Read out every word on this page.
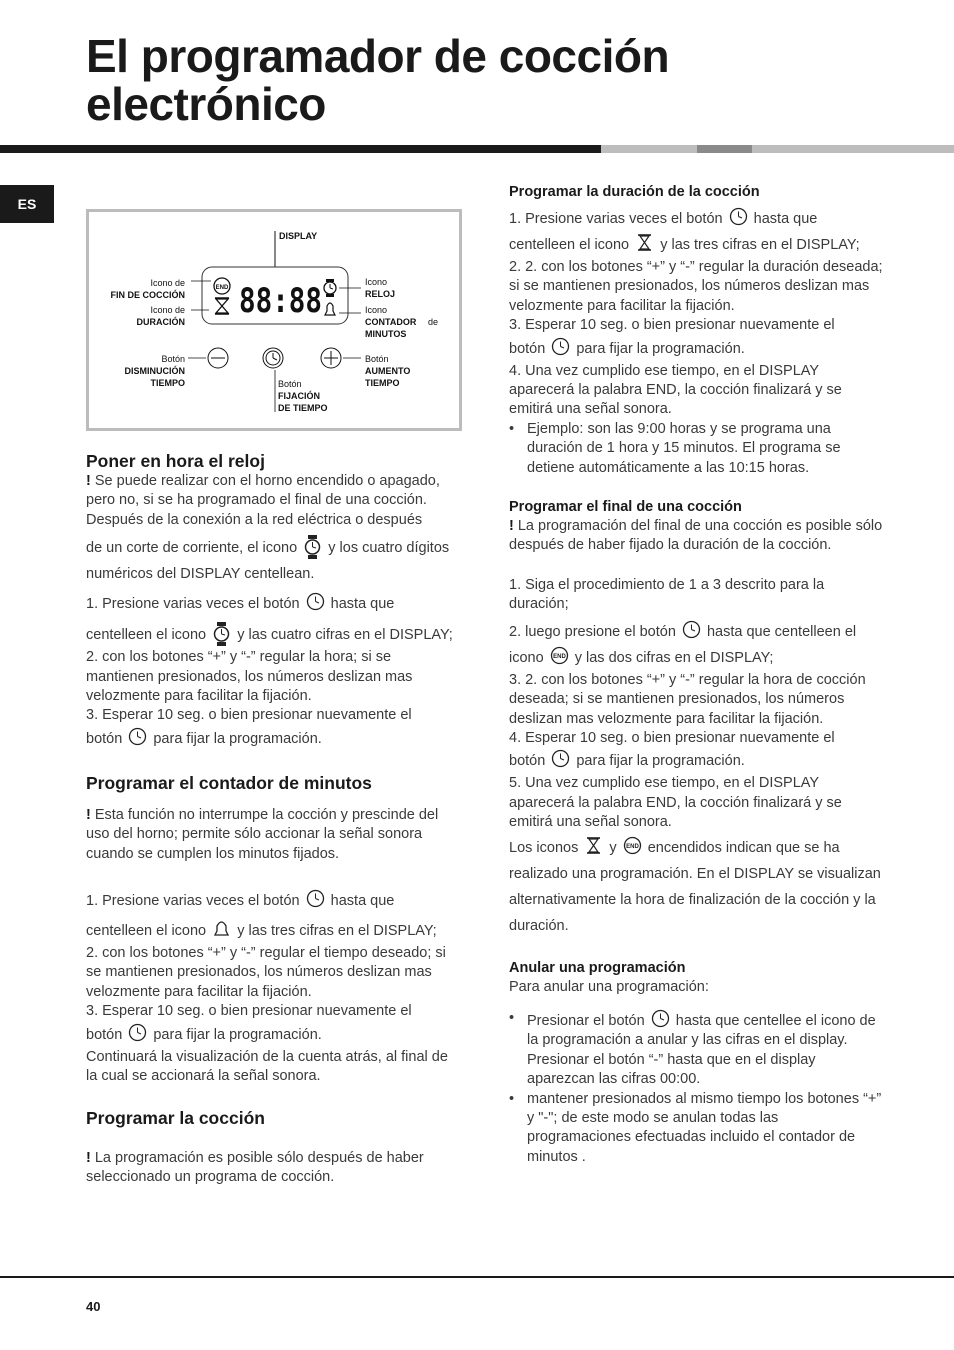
El programador de cocción
electrónico
ES
DISPLAY
END 88:88
Icono de
FIN DE COCCIÓN
Icono de
DURACIÓN
Icono
RELOJ
Icono
CONTADOR de
MINUTOS
Botón
DISMINUCIÓN
TIEMPO	Botón
FIJACIÓN
DE TIEMPO
Botón
AUMENTO
TIEMPO
Poner en hora el reloj

! Se puede realizar con el horno encendido o apagado, pero no, si se ha programado el final de una cocción.

Después de la conexión a la red eléctrica o después

de un corte de corriente, el icono y los cuatro dígitos numéricos del DISPLAY centellean.

1. Presione varias veces el botón hasta que

centelleen el icono y las cuatro cifras en el DISPLAY;

2. con los botones “+” y “-” regular la hora; si se mantienen presionados, los números deslizan mas velozmente para facilitar la fijación.

3. Esperar 10 seg. o bien presionar nuevamente el

botón para fijar la programación.

Programar el contador de minutos

! Esta función no interrumpe la cocción y prescinde del uso del horno; permite sólo accionar la señal sonora cuando se cumplen los minutos fijados.

1. Presione varias veces el botón hasta que

centelleen el icono y las tres cifras en el DISPLAY;

2. con los botones “+” y “-” regular el tiempo deseado; si se mantienen presionados, los números deslizan mas velozmente para facilitar la fijación.

3. Esperar 10 seg. o bien presionar nuevamente el

botón para fijar la programación.

Continuará la visualización de la cuenta atrás, al final de la cual se accionará la señal sonora.

Programar la cocción

! La programación es posible sólo después de haber seleccionado un programa de cocción.

Programar la duración de la cocción

1. Presione varias veces el botón hasta que centelleen el icono y las tres cifras en el DISPLAY;

2. 2. con los botones “+” y “-” regular la duración deseada; si se mantienen presionados, los números deslizan mas velozmente para facilitar la fijación.

3. Esperar 10 seg. o bien presionar nuevamente el

botón para fijar la programación.

4. Una vez cumplido ese tiempo, en el DISPLAY aparecerá la palabra END, la cocción finalizará y se emitirá una señal sonora.

• Ejemplo: son las 9:00 horas y se programa una duración de 1 hora y 15 minutos. El programa se detiene automáticamente a las 10:15 horas.
Programar el final de una cocción

! La programación del final de una cocción es posible sólo después de haber fijado la duración de la cocción.

1. Siga el procedimiento de 1 a 3 descrito para la duración;

2. luego presione el botón hasta que centelleen el icono END y las dos cifras en el DISPLAY;

3. 2. con los botones “+” y “-” regular la hora de cocción deseada; si se mantienen presionados, los números deslizan mas velozmente para facilitar la fijación.

4. Esperar 10 seg. o bien presionar nuevamente el

botón para fijar la programación.

5. Una vez cumplido ese tiempo, en el DISPLAY aparecerá la palabra END, la cocción finalizará y se emitirá una señal sonora.

Los iconos y END encendidos indican que se ha realizado una programación. En el DISPLAY se visualizan alternativamente la hora de finalización de la cocción y la duración.

Anular una programación

Para anular una programación:

• Presionar el botón hasta que centellee el icono de la programación a anular y las cifras en el display. Presionar el botón “-” hasta que en el display aparezcan las cifras 00:00.
• mantener presionados al mismo tiempo los botones “+” y "-"; de este modo se anulan todas las programaciones efectuadas incluido el contador de minutos .
40
